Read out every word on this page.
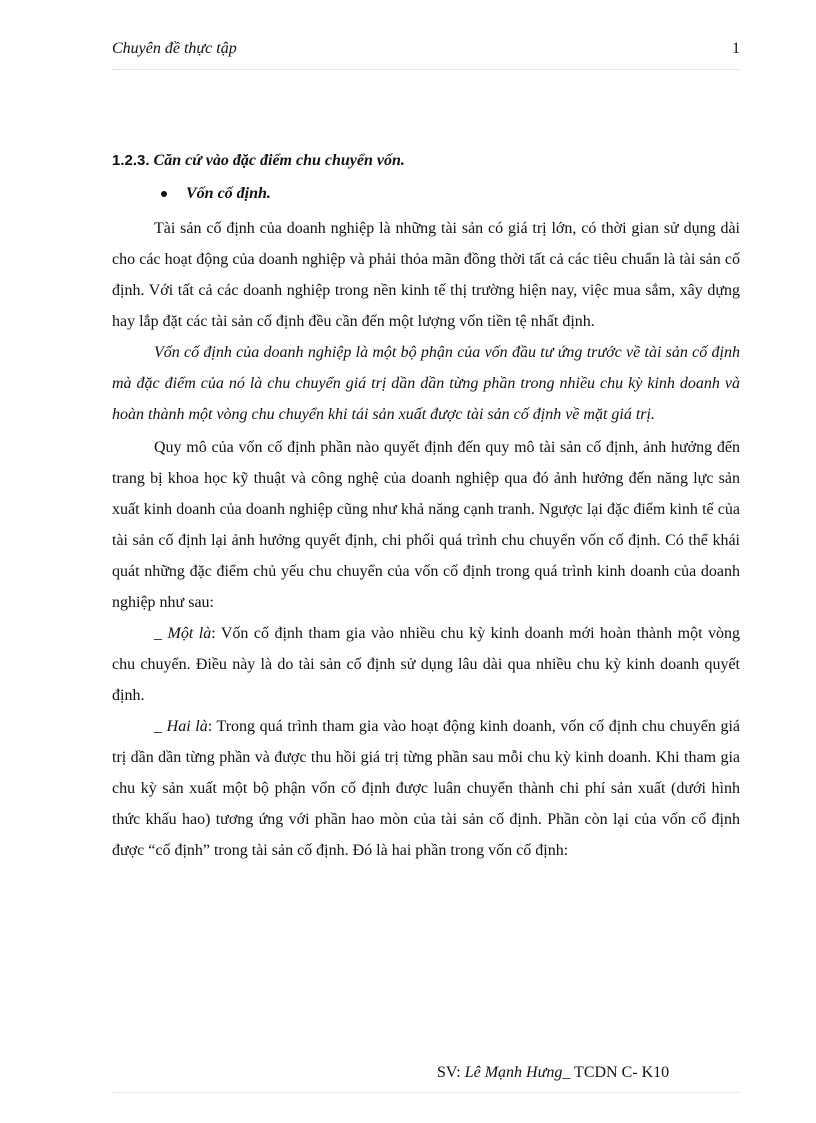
Chuyên đề thực tập	1
1.2.3. Căn cứ vào đặc điểm chu chuyển vốn.
Vốn cố định.

Tài sản cố định của doanh nghiệp là những tài sản có giá trị lớn, có thời gian sử dụng dài cho các hoạt động của doanh nghiệp và phải thỏa mãn đồng thời tất cả các tiêu chuẩn là tài sản cố định. Với tất cả các doanh nghiệp trong nền kinh tế thị trường hiện nay, việc mua sắm, xây dựng hay lắp đặt các tài sản cố định đều cần đến một lượng vốn tiền tệ nhất định.

Vốn cố định của doanh nghiệp là một bộ phận của vốn đầu tư ứng trước về tài sản cố định mà đặc điểm của nó là chu chuyển giá trị dần dần từng phần trong nhiều chu kỳ kinh doanh và hoàn thành một vòng chu chuyển khi tái sản xuất được tài sản cố định về mặt giá trị.

Quy mô của vốn cố định phần nào quyết định đến quy mô tài sản cố định, ảnh hưởng đến trang bị khoa học kỹ thuật và công nghệ của doanh nghiệp qua đó ảnh hưởng đến năng lực sản xuất kinh doanh của doanh nghiệp cũng như khả năng cạnh tranh. Ngược lại đặc điểm kinh tế của tài sản cố định lại ảnh hưởng quyết định, chi phối quá trình chu chuyển vốn cố định. Có thể khái quát những đặc điểm chủ yếu chu chuyển của vốn cố định trong quá trình kinh doanh của doanh nghiệp như sau:

_ Một là: Vốn cố định tham gia vào nhiều chu kỳ kinh doanh mới hoàn thành một vòng chu chuyển. Điều này là do tài sản cố định sử dụng lâu dài qua nhiều chu kỳ kinh doanh quyết định.

_ Hai là: Trong quá trình tham gia vào hoạt động kinh doanh, vốn cố định chu chuyển giá trị dần dần từng phần và được thu hồi giá trị từng phần sau mỗi chu kỳ kinh doanh. Khi tham gia chu kỳ sản xuất một bộ phận vốn cố định được luân chuyển thành chi phí sản xuất (dưới hình thức khấu hao) tương ứng với phần hao mòn của tài sản cố định. Phần còn lại của vốn cố định được “cố định” trong tài sản cố định. Đó là hai phần trong vốn cố định:

SV: Lê Mạnh Hưng_ TCDN C- K10
